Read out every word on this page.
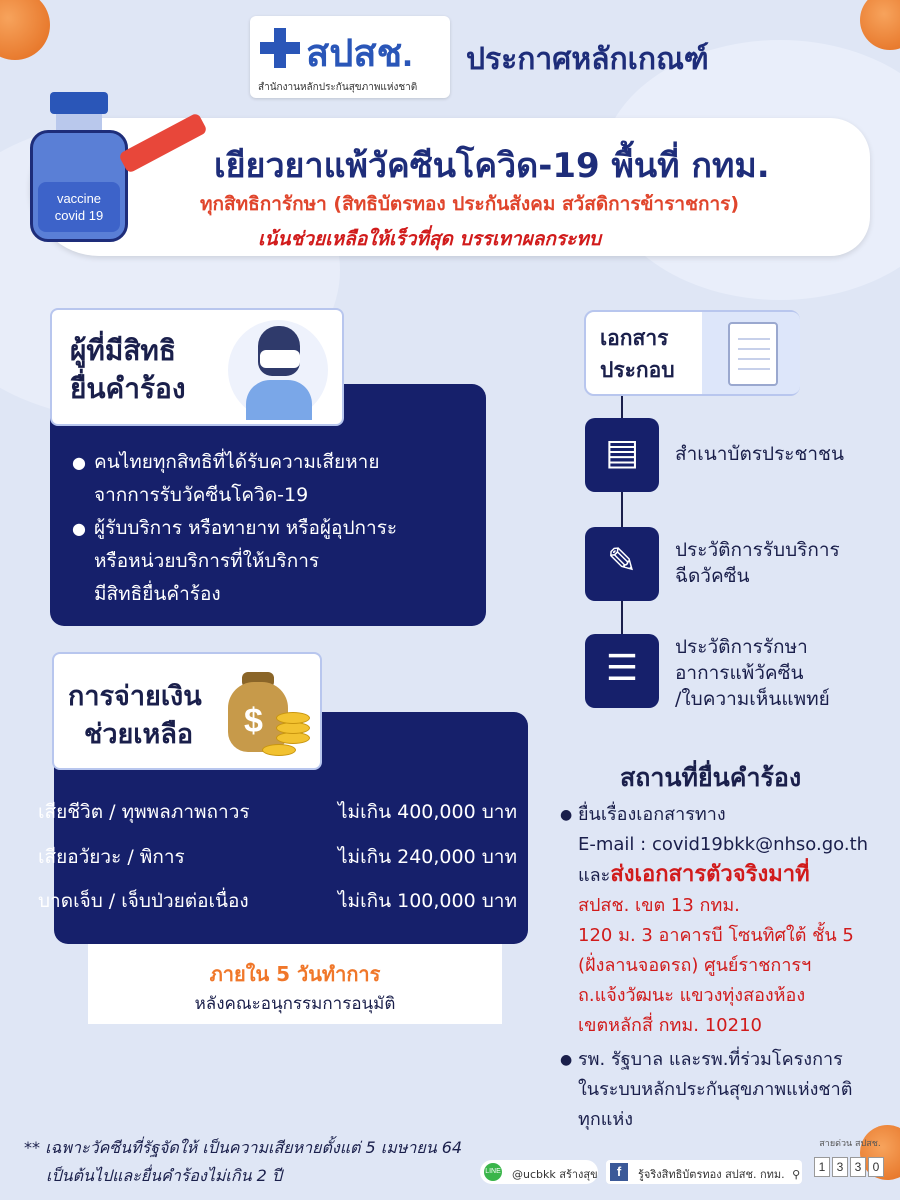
สปสช.
สำนักงานหลักประกันสุขภาพแห่งชาติ
ประกาศหลักเกณฑ์
vaccine
covid 19
เยียวยาแพ้วัคซีนโควิด-19 พื้นที่ กทม.
ทุกสิทธิการักษา (สิทธิบัตรทอง ประกันสังคม สวัสดิการข้าราชการ)
เน้นช่วยเหลือให้เร็วที่สุด บรรเทาผลกระทบ
ผู้ที่มีสิทธิ
ยื่นคำร้อง
● คนไทยทุกสิทธิที่ได้รับความเสียหาย
จากการรับวัคซีนโควิด-19
● ผู้รับบริการ หรือทายาท หรือผู้อุปการะ
หรือหน่วยบริการที่ให้บริการ
มีสิทธิยื่นคำร้อง
การจ่ายเงิน
ช่วยเหลือ $
เสียชีวิต / ทุพพลภาพถาวร	ไม่เกิน 400,000 บาท
เสียอวัยวะ / พิการ	ไม่เกิน 240,000 บาท
บาดเจ็บ / เจ็บป่วยต่อเนื่อง	ไม่เกิน 100,000 บาท
ภายใน 5 วันทำการ
หลังคณะอนุกรรมการอนุมัติ
เอกสาร
ประกอบ
▤	สำเนาบัตรประชาชน
✎	ประวัติการรับบริการ
ฉีดวัคซีน
☰
ประวัติการรักษา
อาการแพ้วัคซีน
/ใบความเห็นแพทย์
สถานที่ยื่นคำร้อง
● ยื่นเรื่องเอกสารทาง
E-mail : covid19bkk@nhso.go.th
และส่งเอกสารตัวจริงมาที่
สปสช. เขต 13 กทม.
120 ม. 3 อาคารบี โซนทิศใต้ ชั้น 5
(ฝั่งลานจอดรถ) ศูนย์ราชการฯ
ถ.แจ้งวัฒนะ แขวงทุ่งสองห้อง
เขตหลักสี่ กทม. 10210
● รพ. รัฐบาล และรพ.ที่ร่วมโครงการ
ในระบบหลักประกันสุขภาพแห่งชาติ
ทุกแห่ง
** เฉพาะวัคซีนที่รัฐจัดให้ เป็นความเสียหายตั้งแต่ 5 เมษายน 64
เป็นต้นไปและยื่นคำร้องไม่เกิน 2 ปี	LINE @ucbkk สร้างสุข	f	รู้จริงสิทธิบัตรทอง สปสช. กทม. ⚲
สายด่วน สปสช.
1 3 3 0
